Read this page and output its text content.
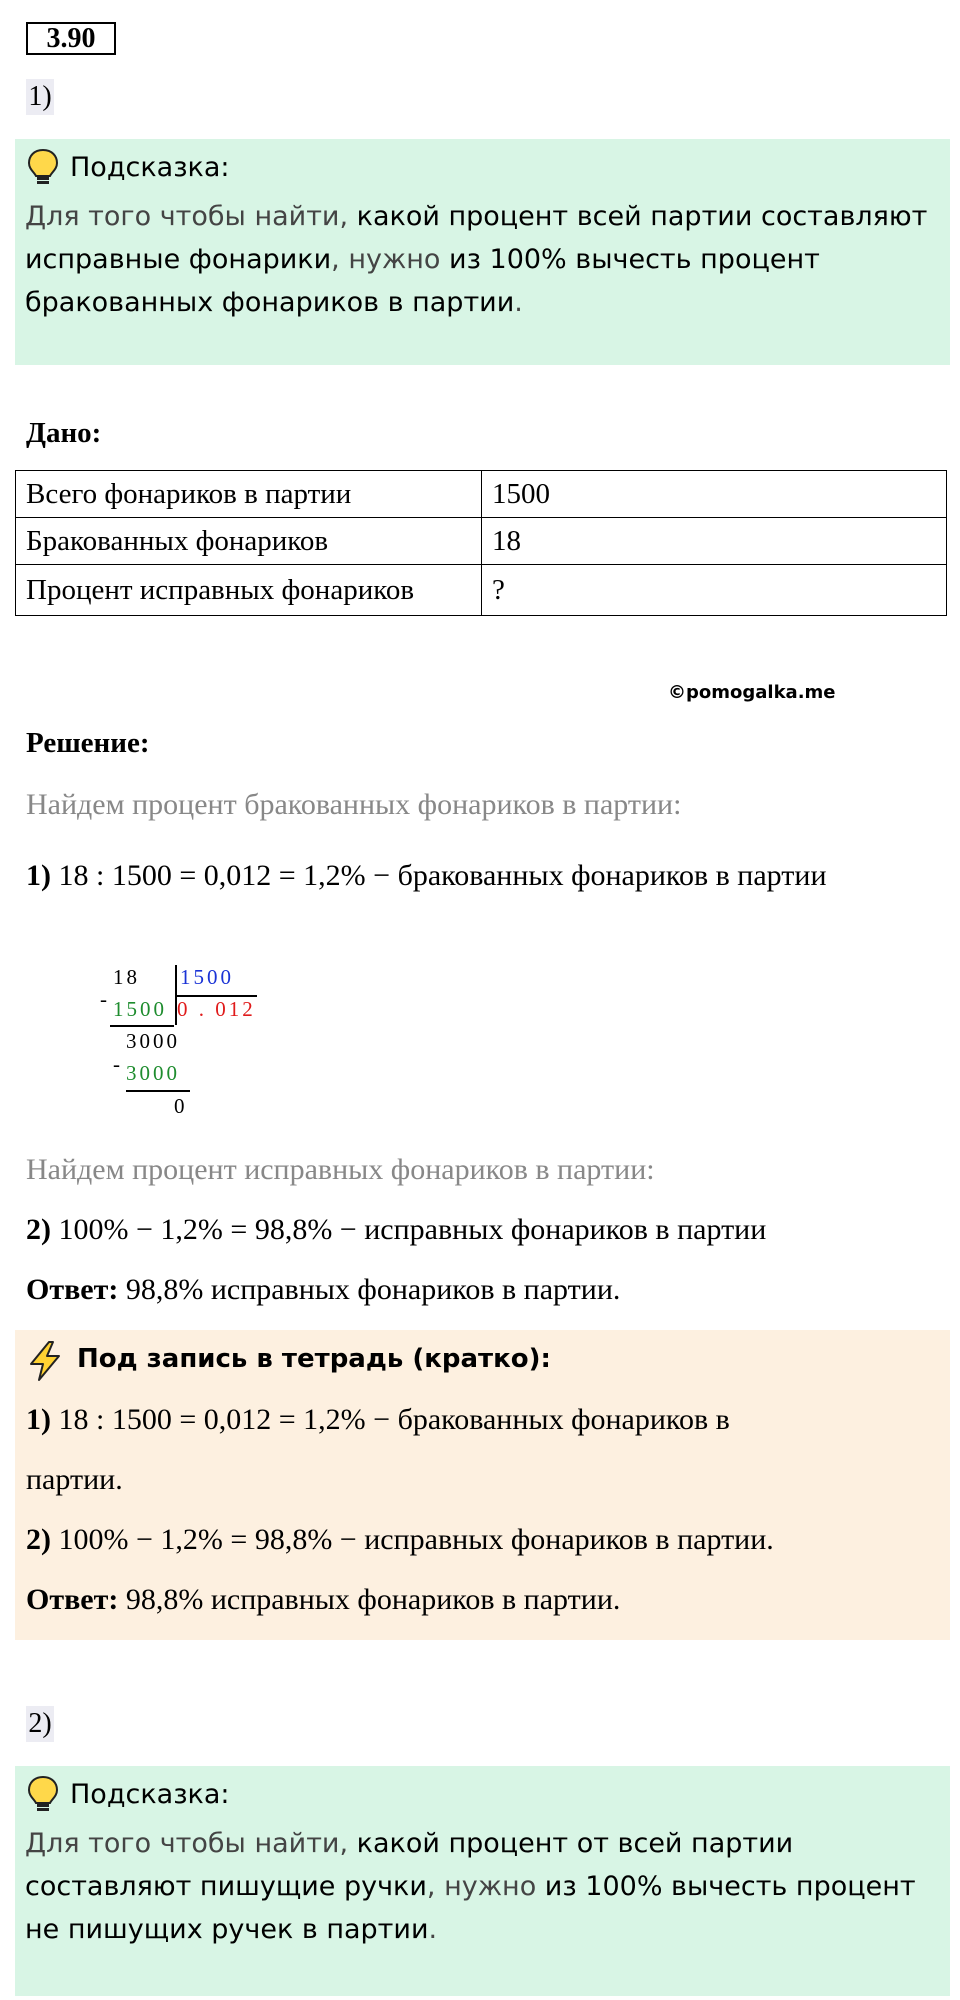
3.90
1)
Подсказка:
Для того чтобы найти, какой процент всей партии составляют исправные фонарики, нужно из 100% вычесть процент бракованных фонариков в партии.
Дано:
Всего фонариков в партии	1500
Бракованных фонариков	18
Процент исправных фонариков	?
©pomogalka.me
Решение:
Найдем процент бракованных фонариков в партии:
1) 18 : 1500 = 0,012 = 1,2% − бракованных фонариков в партии
18 1500
- 1500 0 . 012
3000
- 3000
0
Найдем процент исправных фонариков в партии:
2) 100% − 1,2% = 98,8% − исправных фонариков в партии
Ответ: 98,8% исправных фонариков в партии.
Под запись в тетрадь (кратко):
1) 18 : 1500 = 0,012 = 1,2% − бракованных фонариков в
партии.
2) 100% − 1,2% = 98,8% − исправных фонариков в партии.
Ответ: 98,8% исправных фонариков в партии.
2)
Подсказка:
Для того чтобы найти, какой процент от всей партии составляют пишущие ручки, нужно из 100% вычесть процент не пишущих ручек в партии.
